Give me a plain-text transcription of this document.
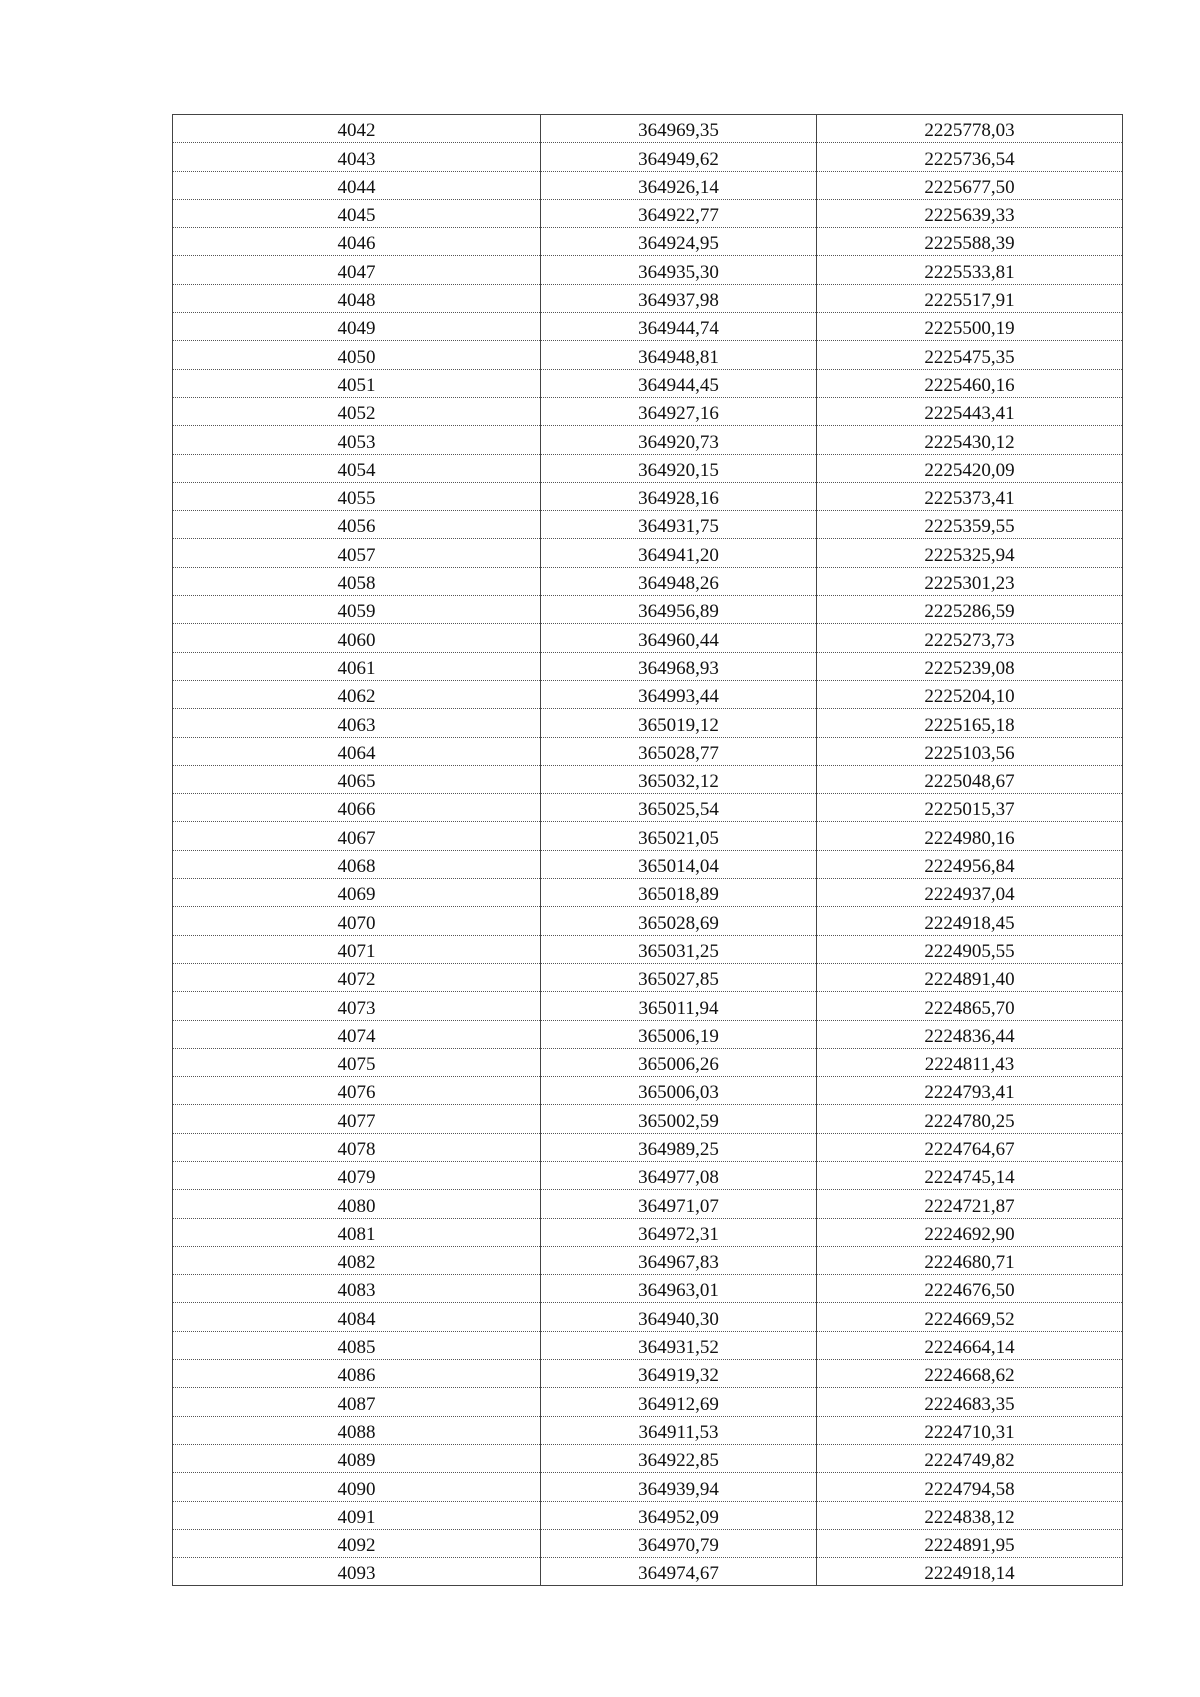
4042	364969,35	2225778,03
4043	364949,62	2225736,54
4044	364926,14	2225677,50
4045	364922,77	2225639,33
4046	364924,95	2225588,39
4047	364935,30	2225533,81
4048	364937,98	2225517,91
4049	364944,74	2225500,19
4050	364948,81	2225475,35
4051	364944,45	2225460,16
4052	364927,16	2225443,41
4053	364920,73	2225430,12
4054	364920,15	2225420,09
4055	364928,16	2225373,41
4056	364931,75	2225359,55
4057	364941,20	2225325,94
4058	364948,26	2225301,23
4059	364956,89	2225286,59
4060	364960,44	2225273,73
4061	364968,93	2225239,08
4062	364993,44	2225204,10
4063	365019,12	2225165,18
4064	365028,77	2225103,56
4065	365032,12	2225048,67
4066	365025,54	2225015,37
4067	365021,05	2224980,16
4068	365014,04	2224956,84
4069	365018,89	2224937,04
4070	365028,69	2224918,45
4071	365031,25	2224905,55
4072	365027,85	2224891,40
4073	365011,94	2224865,70
4074	365006,19	2224836,44
4075	365006,26	2224811,43
4076	365006,03	2224793,41
4077	365002,59	2224780,25
4078	364989,25	2224764,67
4079	364977,08	2224745,14
4080	364971,07	2224721,87
4081	364972,31	2224692,90
4082	364967,83	2224680,71
4083	364963,01	2224676,50
4084	364940,30	2224669,52
4085	364931,52	2224664,14
4086	364919,32	2224668,62
4087	364912,69	2224683,35
4088	364911,53	2224710,31
4089	364922,85	2224749,82
4090	364939,94	2224794,58
4091	364952,09	2224838,12
4092	364970,79	2224891,95
4093	364974,67	2224918,14
